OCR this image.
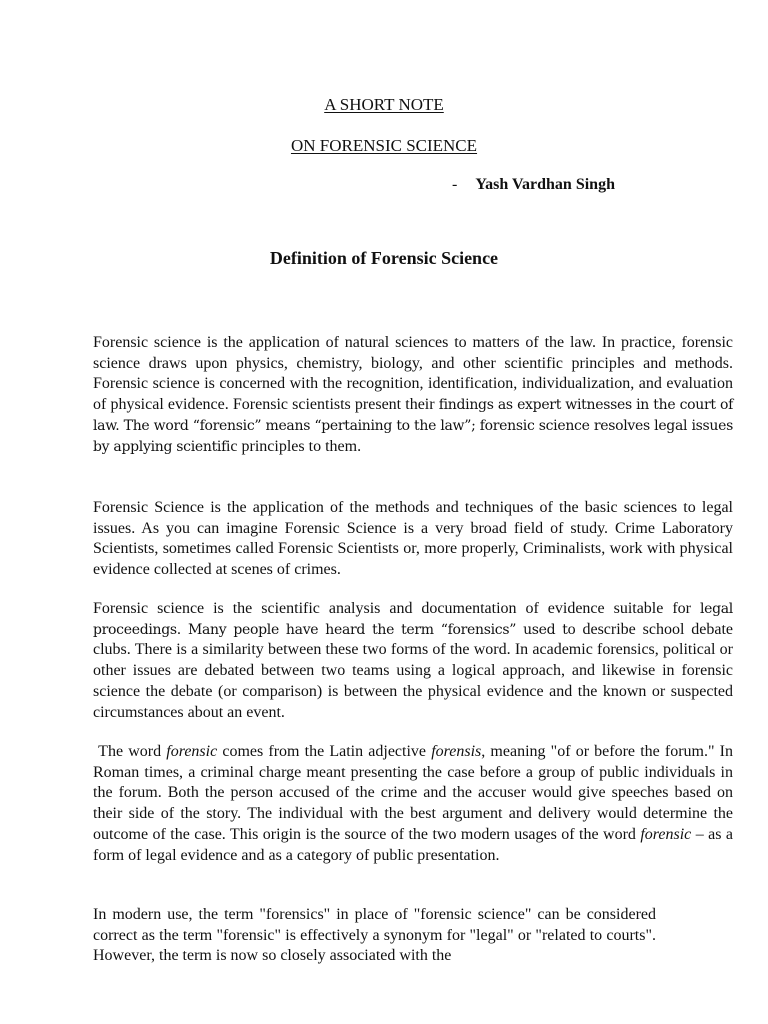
A SHORT NOTE
ON FORENSIC SCIENCE
- Yash Vardhan Singh
Definition of Forensic Science

Forensic science is the application of natural sciences to matters of the law. In practice, forensic science draws upon physics, chemistry, biology, and other scientific principles and methods. Forensic science is concerned with the recognition, identification, individualization, and evaluation of physical evidence. Forensic scientists present their findings as expert witnesses in the court of law. The word “forensic” means “pertaining to the law”; forensic science resolves legal issues by applying scientific principles to them.

Forensic Science is the application of the methods and techniques of the basic sciences to legal issues. As you can imagine Forensic Science is a very broad field of study. Crime Laboratory Scientists, sometimes called Forensic Scientists or, more properly, Criminalists, work with physical evidence collected at scenes of crimes.

Forensic science is the scientific analysis and documentation of evidence suitable for legal proceedings. Many people have heard the term “forensics” used to describe school debate clubs. There is a similarity between these two forms of the word. In academic forensics, political or other issues are debated between two teams using a logical approach, and likewise in forensic science the debate (or comparison) is between the physical evidence and the known or suspected circumstances about an event.

The word forensic comes from the Latin adjective forensis, meaning "of or before the forum." In Roman times, a criminal charge meant presenting the case before a group of public individuals in the forum. Both the person accused of the crime and the accuser would give speeches based on their side of the story. The individual with the best argument and delivery would determine the outcome of the case. This origin is the source of the two modern usages of the word forensic – as a form of legal evidence and as a category of public presentation.

In modern use, the term "forensics" in place of "forensic science" can be considered correct as the term "forensic" is effectively a synonym for "legal" or "related to courts". However, the term is now so closely associated with the
